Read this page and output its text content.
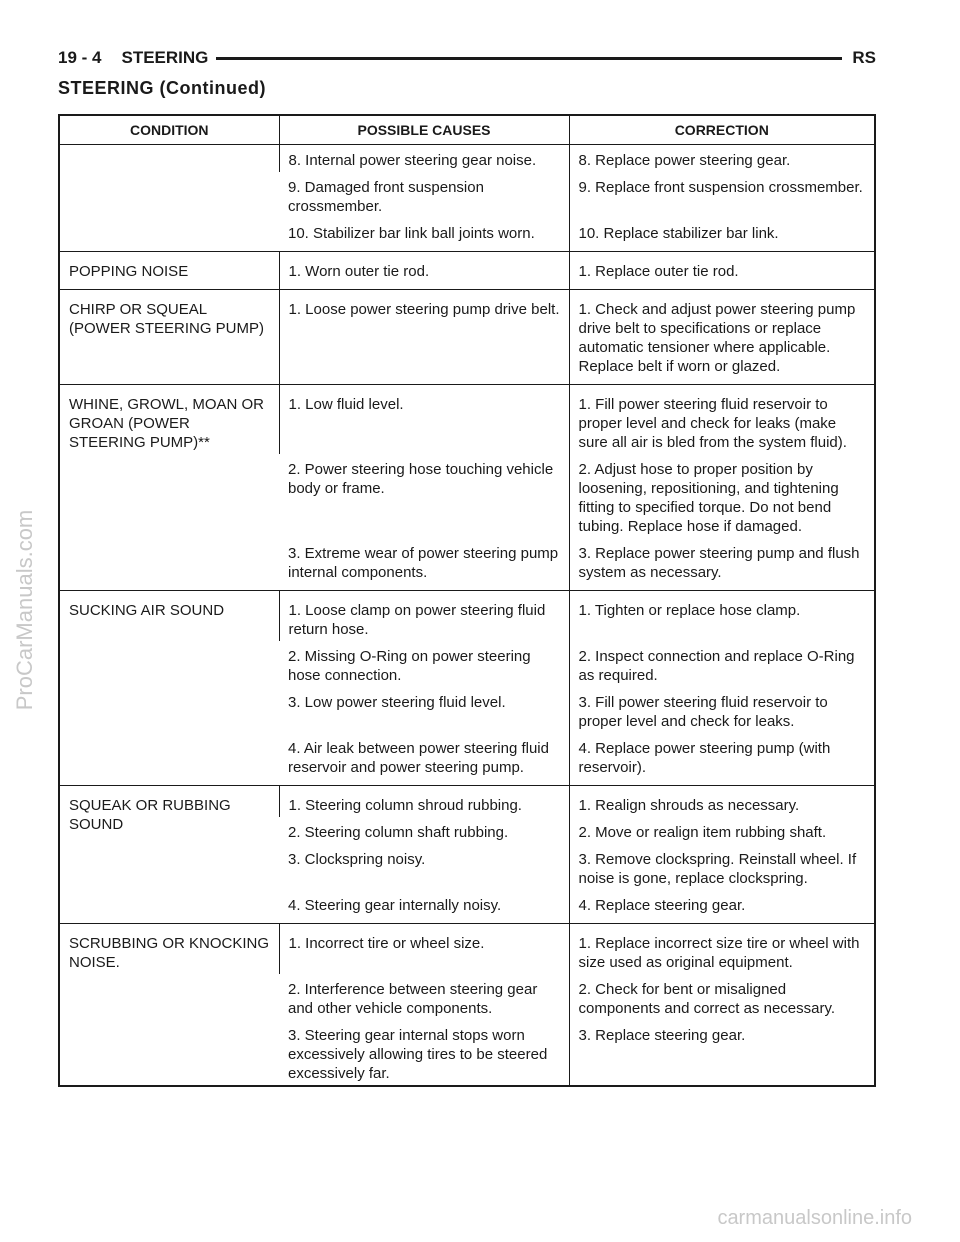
19 - 4 STEERING	RS
STEERING (Continued)
CONDITION	POSSIBLE CAUSES	CORRECTION
	8. Internal power steering gear noise.	8. Replace power steering gear.
	9. Damaged front suspension crossmember.	9. Replace front suspension crossmember.
	10. Stabilizer bar link ball joints worn.	10. Replace stabilizer bar link.
POPPING NOISE	1. Worn outer tie rod.	1. Replace outer tie rod.
CHIRP OR SQUEAL (POWER STEERING PUMP)	1. Loose power steering pump drive belt.	1. Check and adjust power steering pump drive belt to specifications or replace automatic tensioner where applicable. Replace belt if worn or glazed.
WHINE, GROWL, MOAN OR GROAN (POWER STEERING PUMP)**	1. Low fluid level.	1. Fill power steering fluid reservoir to proper level and check for leaks (make sure all air is bled from the system fluid).
	2. Power steering hose touching vehicle body or frame.	2. Adjust hose to proper position by loosening, repositioning, and tightening fitting to specified torque. Do not bend tubing. Replace hose if damaged.
	3. Extreme wear of power steering pump internal components.	3. Replace power steering pump and flush system as necessary.
SUCKING AIR SOUND	1. Loose clamp on power steering fluid return hose.	1. Tighten or replace hose clamp.
	2. Missing O-Ring on power steering hose connection.	2. Inspect connection and replace O-Ring as required.
	3. Low power steering fluid level.	3. Fill power steering fluid reservoir to proper level and check for leaks.
	4. Air leak between power steering fluid reservoir and power steering pump.	4. Replace power steering pump (with reservoir).
SQUEAK OR RUBBING SOUND	1. Steering column shroud rubbing.	1. Realign shrouds as necessary.
	2. Steering column shaft rubbing.	2. Move or realign item rubbing shaft.
	3. Clockspring noisy.	3. Remove clockspring. Reinstall wheel. If noise is gone, replace clockspring.
	4. Steering gear internally noisy.	4. Replace steering gear.
SCRUBBING OR KNOCKING NOISE.	1. Incorrect tire or wheel size.	1. Replace incorrect size tire or wheel with size used as original equipment.
	2. Interference between steering gear and other vehicle components.	2. Check for bent or misaligned components and correct as necessary.
	3. Steering gear internal stops worn excessively allowing tires to be steered excessively far.	3. Replace steering gear.
ProCarManuals.com
carmanualsonline.info
